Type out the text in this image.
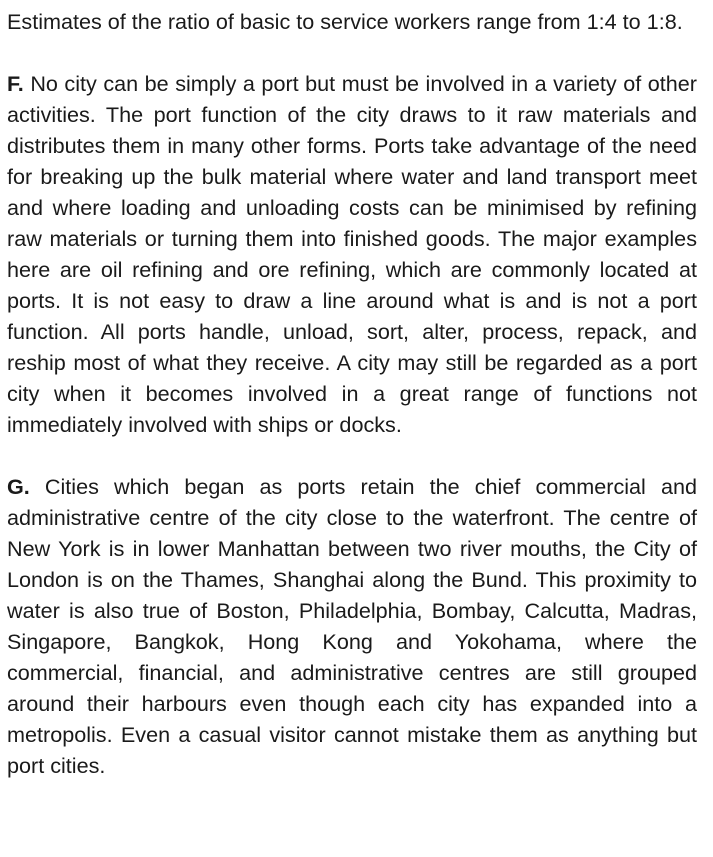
Estimates of the ratio of basic to service workers range from 1:4 to 1:8.

F. No city can be simply a port but must be involved in a variety of other activities. The port function of the city draws to it raw materials and distributes them in many other forms. Ports take advantage of the need for breaking up the bulk material where water and land transport meet and where loading and unloading costs can be minimised by refining raw materials or turning them into finished goods. The major examples here are oil refining and ore refining, which are commonly located at ports. It is not easy to draw a line around what is and is not a port function. All ports handle, unload, sort, alter, process, repack, and reship most of what they receive. A city may still be regarded as a port city when it becomes involved in a great range of functions not immediately involved with ships or docks.

G. Cities which began as ports retain the chief commercial and administrative centre of the city close to the waterfront. The centre of New York is in lower Manhattan between two river mouths, the City of London is on the Thames, Shanghai along the Bund. This proximity to water is also true of Boston, Philadelphia, Bombay, Calcutta, Madras, Singapore, Bangkok, Hong Kong and Yokohama, where the commercial, financial, and administrative centres are still grouped around their harbours even though each city has expanded into a metropolis. Even a casual visitor cannot mistake them as anything but port cities.
